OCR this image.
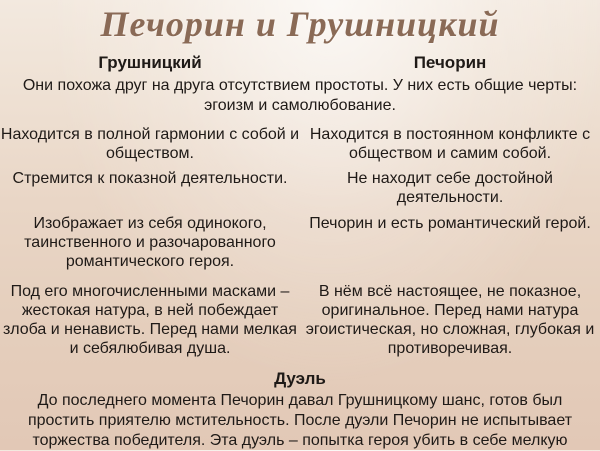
Печорин и Грушницкий
Грушницкий	Печорин
Они похожа друг на друга отсутствием простоты. У них есть общие черты: эгоизм и самолюбование.
Находится в полной гармонии с собой и обществом.
Находится в постоянном конфликте с обществом и самим собой.
Стремится к показной деятельности.	Не находит себе достойной деятельности.
Изображает из себя одинокого, таинственного и разочарованного романтического героя.
Печорин и есть романтический герой.
Под его многочисленными масками – жестокая натура, в ней побеждает злоба и ненависть. Перед нами мелкая и себялюбивая душа.
В нём всё настоящее, не показное, оригинальное. Перед нами натура эгоистическая, но сложная, глубокая и противоречивая.
Дуэль
До последнего момента Печорин давал Грушницкому шанс, готов был простить приятелю мстительность. После дуэли Печорин не испытывает торжества победителя. Эта дуэль – попытка героя убить в себе мелкую
